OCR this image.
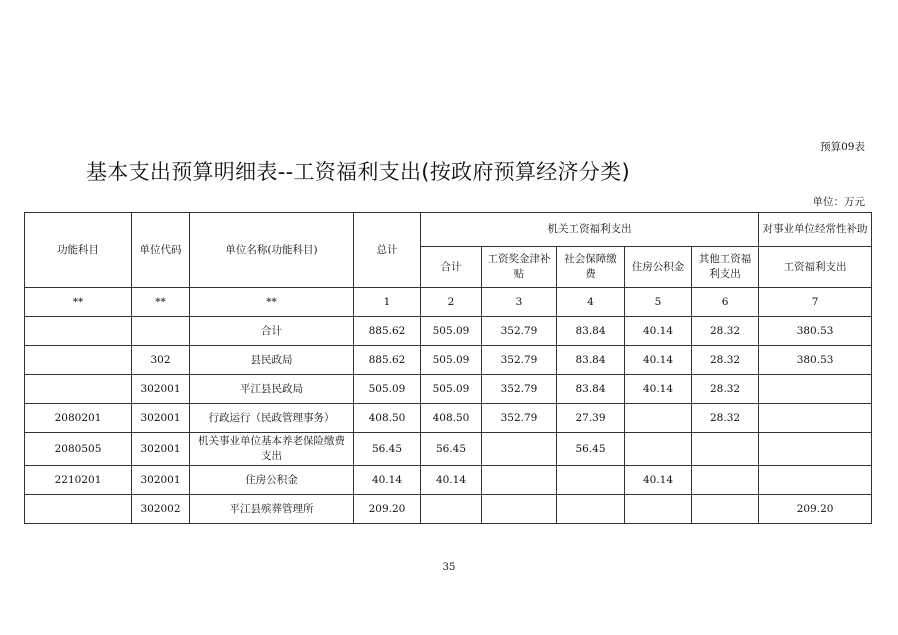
预算09表
基本支出预算明细表--工资福利支出(按政府预算经济分类)
单位：万元
功能科目	单位代码	单位名称(功能科目)	总计	机关工资福利支出					对事业单位经常性补助
				合计	工资奖金津补贴	社会保障缴费	住房公积金	其他工资福利支出	工资福利支出
**	**	**	1	2	3	4	5	6	7
		合计	885.62	505.09	352.79	83.84	40.14	28.32	380.53
	302	县民政局	885.62	505.09	352.79	83.84	40.14	28.32	380.53
	302001	平江县民政局	505.09	505.09	352.79	83.84	40.14	28.32	
2080201	302001	行政运行（民政管理事务）	408.50	408.50	352.79	27.39		28.32	
2080505	302001	机关事业单位基本养老保险缴费支出	56.45	56.45		56.45			
2210201	302001	住房公积金	40.14	40.14			40.14		
	302002	平江县殡葬管理所	209.20						209.20
35
